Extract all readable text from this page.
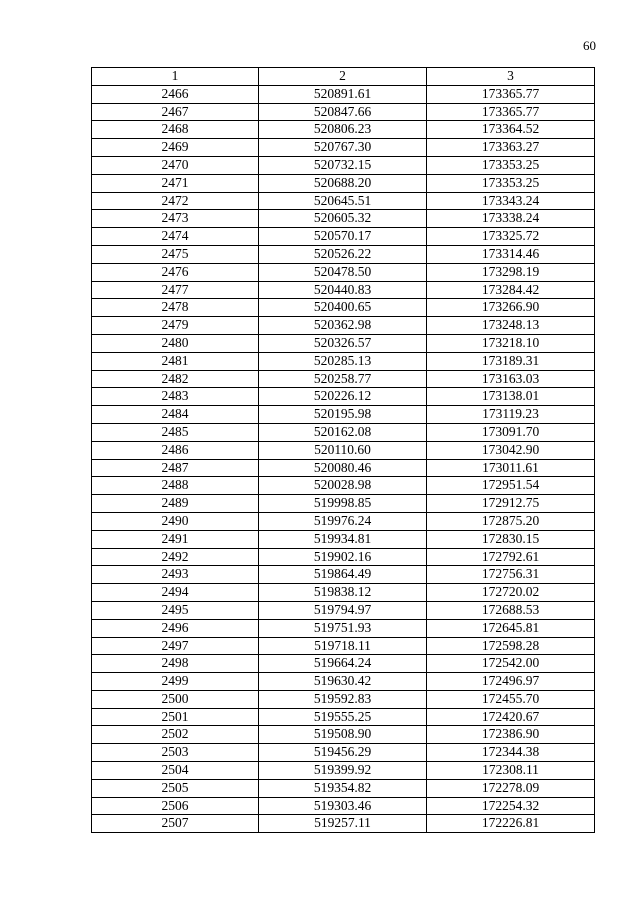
60
1	2	3
2466	520891.61	173365.77
2467	520847.66	173365.77
2468	520806.23	173364.52
2469	520767.30	173363.27
2470	520732.15	173353.25
2471	520688.20	173353.25
2472	520645.51	173343.24
2473	520605.32	173338.24
2474	520570.17	173325.72
2475	520526.22	173314.46
2476	520478.50	173298.19
2477	520440.83	173284.42
2478	520400.65	173266.90
2479	520362.98	173248.13
2480	520326.57	173218.10
2481	520285.13	173189.31
2482	520258.77	173163.03
2483	520226.12	173138.01
2484	520195.98	173119.23
2485	520162.08	173091.70
2486	520110.60	173042.90
2487	520080.46	173011.61
2488	520028.98	172951.54
2489	519998.85	172912.75
2490	519976.24	172875.20
2491	519934.81	172830.15
2492	519902.16	172792.61
2493	519864.49	172756.31
2494	519838.12	172720.02
2495	519794.97	172688.53
2496	519751.93	172645.81
2497	519718.11	172598.28
2498	519664.24	172542.00
2499	519630.42	172496.97
2500	519592.83	172455.70
2501	519555.25	172420.67
2502	519508.90	172386.90
2503	519456.29	172344.38
2504	519399.92	172308.11
2505	519354.82	172278.09
2506	519303.46	172254.32
2507	519257.11	172226.81
